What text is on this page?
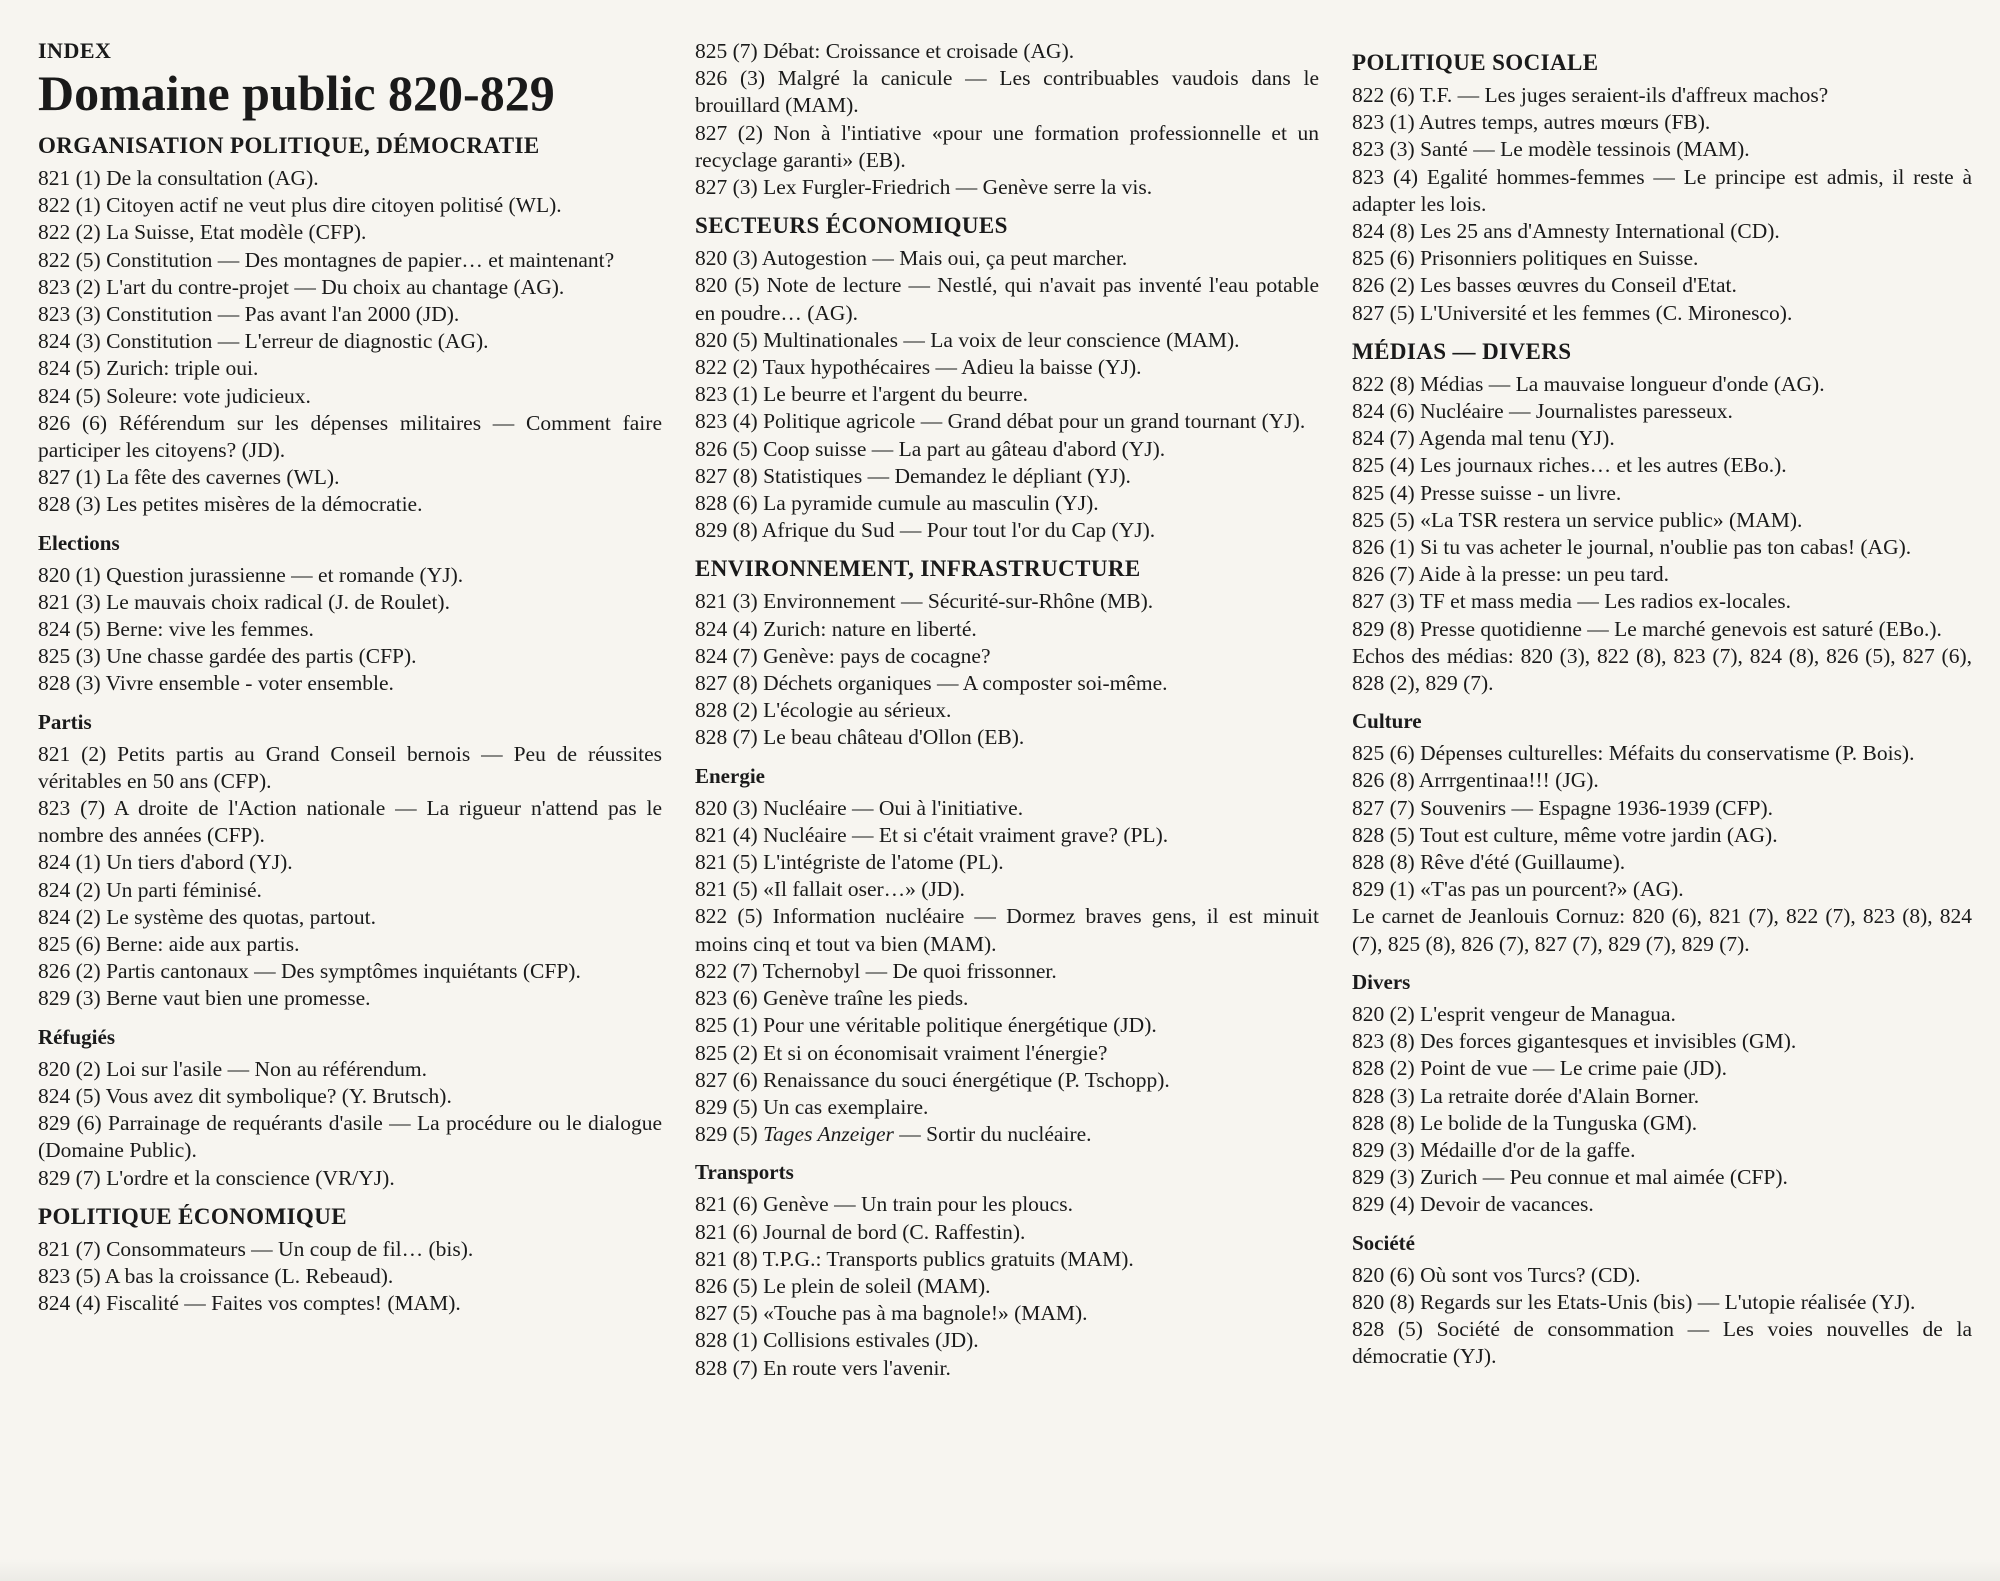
INDEX

Domaine public 820-829
ORGANISATION POLITIQUE, DÉMOCRATIE

821 (1) De la consultation (AG).

822 (1) Citoyen actif ne veut plus dire citoyen politisé (WL).

822 (2) La Suisse, Etat modèle (CFP).

822 (5) Constitution — Des montagnes de papier… et maintenant?

823 (2) L'art du contre-projet — Du choix au chantage (AG).

823 (3) Constitution — Pas avant l'an 2000 (JD).

824 (3) Constitution — L'erreur de diagnostic (AG).

824 (5) Zurich: triple oui.

824 (5) Soleure: vote judicieux.

826 (6) Référendum sur les dépenses militaires — Comment faire participer les citoyens? (JD).

827 (1) La fête des cavernes (WL).

828 (3) Les petites misères de la démocratie.

Elections

820 (1) Question jurassienne — et romande (YJ).

821 (3) Le mauvais choix radical (J. de Roulet).

824 (5) Berne: vive les femmes.

825 (3) Une chasse gardée des partis (CFP).

828 (3) Vivre ensemble - voter ensemble.

Partis

821 (2) Petits partis au Grand Conseil bernois — Peu de réussites véritables en 50 ans (CFP).

823 (7) A droite de l'Action nationale — La rigueur n'attend pas le nombre des années (CFP).

824 (1) Un tiers d'abord (YJ).

824 (2) Un parti féminisé.

824 (2) Le système des quotas, partout.

825 (6) Berne: aide aux partis.

826 (2) Partis cantonaux — Des symptômes inquiétants (CFP).

829 (3) Berne vaut bien une promesse.

Réfugiés

820 (2) Loi sur l'asile — Non au référendum.

824 (5) Vous avez dit symbolique? (Y. Brutsch).

829 (6) Parrainage de requérants d'asile — La procédure ou le dialogue (Domaine Public).

829 (7) L'ordre et la conscience (VR/YJ).

POLITIQUE ÉCONOMIQUE

821 (7) Consommateurs — Un coup de fil… (bis).

823 (5) A bas la croissance (L. Rebeaud).

824 (4) Fiscalité — Faites vos comptes! (MAM).

825 (7) Débat: Croissance et croisade (AG).

826 (3) Malgré la canicule — Les contribuables vaudois dans le brouillard (MAM).

827 (2) Non à l'intiative «pour une formation professionnelle et un recyclage garanti» (EB).

827 (3) Lex Furgler-Friedrich — Genève serre la vis.

SECTEURS ÉCONOMIQUES

820 (3) Autogestion — Mais oui, ça peut marcher.

820 (5) Note de lecture — Nestlé, qui n'avait pas inventé l'eau potable en poudre… (AG).

820 (5) Multinationales — La voix de leur conscience (MAM).

822 (2) Taux hypothécaires — Adieu la baisse (YJ).

823 (1) Le beurre et l'argent du beurre.

823 (4) Politique agricole — Grand débat pour un grand tournant (YJ).

826 (5) Coop suisse — La part au gâteau d'abord (YJ).

827 (8) Statistiques — Demandez le dépliant (YJ).

828 (6) La pyramide cumule au masculin (YJ).

829 (8) Afrique du Sud — Pour tout l'or du Cap (YJ).

ENVIRONNEMENT, INFRASTRUCTURE

821 (3) Environnement — Sécurité-sur-Rhône (MB).

824 (4) Zurich: nature en liberté.

824 (7) Genève: pays de cocagne?

827 (8) Déchets organiques — A composter soi-même.

828 (2) L'écologie au sérieux.

828 (7) Le beau château d'Ollon (EB).

Energie

820 (3) Nucléaire — Oui à l'initiative.

821 (4) Nucléaire — Et si c'était vraiment grave? (PL).

821 (5) L'intégriste de l'atome (PL).

821 (5) «Il fallait oser…» (JD).

822 (5) Information nucléaire — Dormez braves gens, il est minuit moins cinq et tout va bien (MAM).

822 (7) Tchernobyl — De quoi frissonner.

823 (6) Genève traîne les pieds.

825 (1) Pour une véritable politique énergétique (JD).

825 (2) Et si on économisait vraiment l'énergie?

827 (6) Renaissance du souci énergétique (P. Tschopp).

829 (5) Un cas exemplaire.

829 (5) Tages Anzeiger — Sortir du nucléaire.

Transports

821 (6) Genève — Un train pour les ploucs.

821 (6) Journal de bord (C. Raffestin).

821 (8) T.P.G.: Transports publics gratuits (MAM).

826 (5) Le plein de soleil (MAM).

827 (5) «Touche pas à ma bagnole!» (MAM).

828 (1) Collisions estivales (JD).

828 (7) En route vers l'avenir.

POLITIQUE SOCIALE

822 (6) T.F. — Les juges seraient-ils d'affreux machos?

823 (1) Autres temps, autres mœurs (FB).

823 (3) Santé — Le modèle tessinois (MAM).

823 (4) Egalité hommes-femmes — Le principe est admis, il reste à adapter les lois.

824 (8) Les 25 ans d'Amnesty International (CD).

825 (6) Prisonniers politiques en Suisse.

826 (2) Les basses œuvres du Conseil d'Etat.

827 (5) L'Université et les femmes (C. Mironesco).

MÉDIAS — DIVERS

822 (8) Médias — La mauvaise longueur d'onde (AG).

824 (6) Nucléaire — Journalistes paresseux.

824 (7) Agenda mal tenu (YJ).

825 (4) Les journaux riches… et les autres (EBo.).

825 (4) Presse suisse - un livre.

825 (5) «La TSR restera un service public» (MAM).

826 (1) Si tu vas acheter le journal, n'oublie pas ton cabas! (AG).

826 (7) Aide à la presse: un peu tard.

827 (3) TF et mass media — Les radios ex-locales.

829 (8) Presse quotidienne — Le marché genevois est saturé (EBo.).

Echos des médias: 820 (3), 822 (8), 823 (7), 824 (8), 826 (5), 827 (6), 828 (2), 829 (7).

Culture

825 (6) Dépenses culturelles: Méfaits du conservatisme (P. Bois).

826 (8) Arrrgentinaa!!! (JG).

827 (7) Souvenirs — Espagne 1936-1939 (CFP).

828 (5) Tout est culture, même votre jardin (AG).

828 (8) Rêve d'été (Guillaume).

829 (1) «T'as pas un pourcent?» (AG).

Le carnet de Jeanlouis Cornuz: 820 (6), 821 (7), 822 (7), 823 (8), 824 (7), 825 (8), 826 (7), 827 (7), 829 (7), 829 (7).

Divers

820 (2) L'esprit vengeur de Managua.

823 (8) Des forces gigantesques et invisibles (GM).

828 (2) Point de vue — Le crime paie (JD).

828 (3) La retraite dorée d'Alain Borner.

828 (8) Le bolide de la Tunguska (GM).

829 (3) Médaille d'or de la gaffe.

829 (3) Zurich — Peu connue et mal aimée (CFP).

829 (4) Devoir de vacances.

Société

820 (6) Où sont vos Turcs? (CD).

820 (8) Regards sur les Etats-Unis (bis) — L'utopie réalisée (YJ).

828 (5) Société de consommation — Les voies nouvelles de la démocratie (YJ).
